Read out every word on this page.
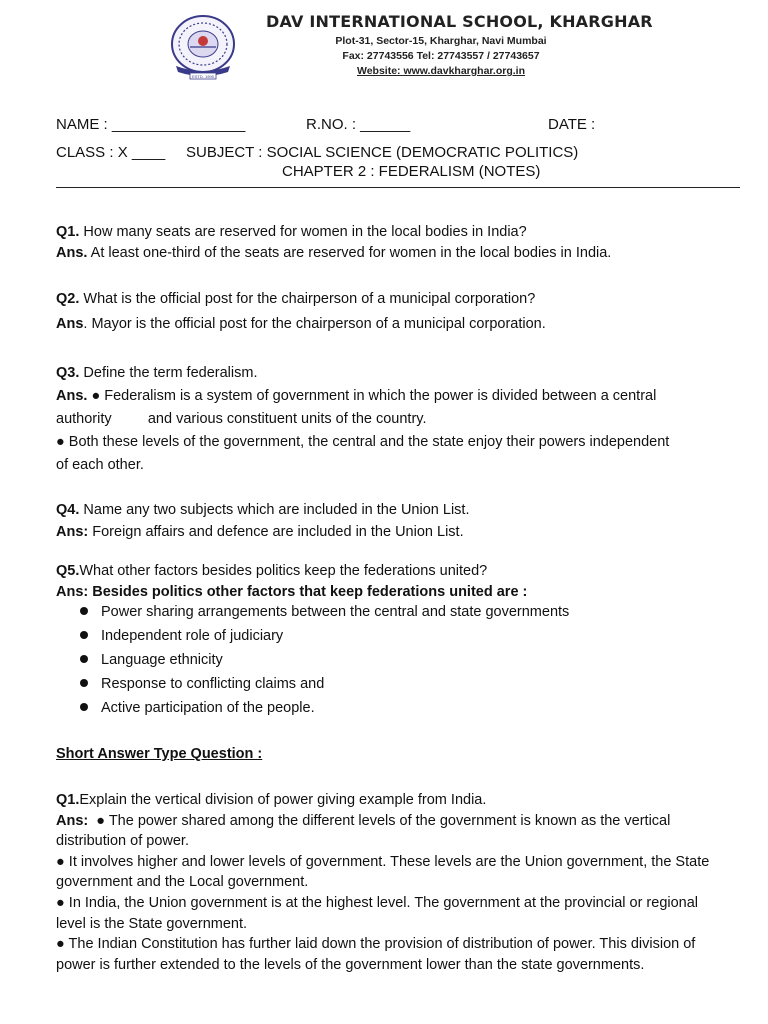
ESTD. 1995
DAV INTERNATIONAL SCHOOL, KHARGHAR
Plot-31, Sector-15, Kharghar, Navi Mumbai
Fax: 27743556 Tel: 27743557 / 27743657
Website: www.davkharghar.org.in
NAME : ________________	R.NO. : ______	DATE :
CLASS : X ____ SUBJECT : SOCIAL SCIENCE (DEMOCRATIC POLITICS)
CHAPTER 2 : FEDERALISM (NOTES)

Q1. How many seats are reserved for women in the local bodies in India?

Ans. At least one-third of the seats are reserved for women in the local bodies in India.

Q2. What is the official post for the chairperson of a municipal corporation?

Ans. Mayor is the official post for the chairperson of a municipal corporation.

Q3. Define the term federalism.

Ans. ● Federalism is a system of government in which the power is divided between a central

authority         and various constituent units of the country.

● Both these levels of the government, the central and the state enjoy their powers independent

of each other.

Q4. Name any two subjects which are included in the Union List.

Ans: Foreign affairs and defence are included in the Union List.

Q5.What other factors besides politics keep the federations united?

Ans: Besides politics other factors that keep federations united are :

Power sharing arrangements between the central and state governments
Independent role of judiciary
Language ethnicity
Response to conflicting claims and
Active participation of the people.
Short Answer Type Question :

Q1.Explain the vertical division of power giving example from India.

Ans:  ● The power shared among the different levels of the government is known as the vertical

distribution of power.

● It involves higher and lower levels of government. These levels are the Union government, the State

government and the Local government.

● In India, the Union government is at the highest level. The government at the provincial or regional

level is the State government.

● The Indian Constitution has further laid down the provision of distribution of power. This division of

power is further extended to the levels of the government lower than the state governments.
